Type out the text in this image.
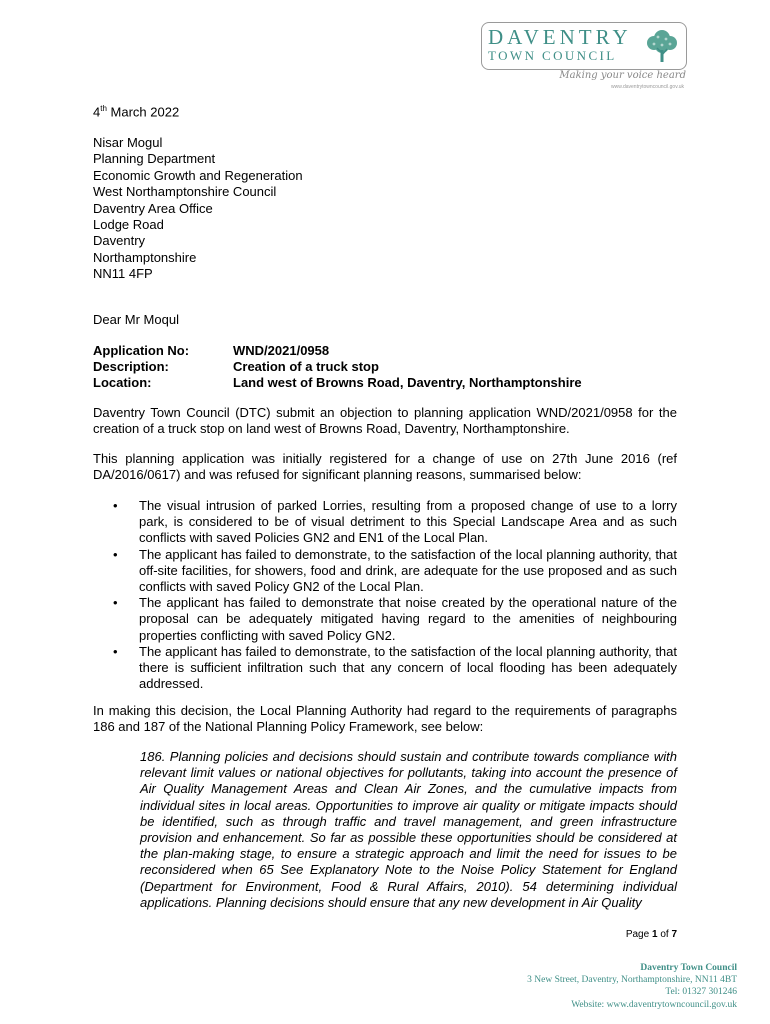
DAVENTRY
TOWN COUNCIL
Making your voice heard
www.daventrytowncouncil.gov.uk
4th March 2022
Nisar Mogul
Planning Department
Economic Growth and Regeneration
West Northamptonshire Council
Daventry Area Office
Lodge Road
Daventry
Northamptonshire
NN11 4FP
Dear Mr Moqul
Application No:	WND/2021/0958
Description:	Creation of a truck stop
Location:	Land west of Browns Road, Daventry, Northamptonshire
Daventry Town Council (DTC) submit an objection to planning application WND/2021/0958 for the creation of a truck stop on land west of Browns Road, Daventry, Northamptonshire.
This planning application was initially registered for a change of use on 27th June 2016 (ref DA/2016/0617) and was refused for significant planning reasons, summarised below:
• The visual intrusion of parked Lorries, resulting from a proposed change of use to a lorry park, is considered to be of visual detriment to this Special Landscape Area and as such conflicts with saved Policies GN2 and EN1 of the Local Plan.
• The applicant has failed to demonstrate, to the satisfaction of the local planning authority, that off-site facilities, for showers, food and drink, are adequate for the use proposed and as such conflicts with saved Policy GN2 of the Local Plan.
• The applicant has failed to demonstrate that noise created by the operational nature of the proposal can be adequately mitigated having regard to the amenities of neighbouring properties conflicting with saved Policy GN2.
• The applicant has failed to demonstrate, to the satisfaction of the local planning authority, that there is sufficient infiltration such that any concern of local flooding has been adequately addressed.
In making this decision, the Local Planning Authority had regard to the requirements of paragraphs 186 and 187 of the National Planning Policy Framework, see below:
186. Planning policies and decisions should sustain and contribute towards compliance with relevant limit values or national objectives for pollutants, taking into account the presence of Air Quality Management Areas and Clean Air Zones, and the cumulative impacts from individual sites in local areas. Opportunities to improve air quality or mitigate impacts should be identified, such as through traffic and travel management, and green infrastructure provision and enhancement. So far as possible these opportunities should be considered at the plan-making stage, to ensure a strategic approach and limit the need for issues to be reconsidered when 65 See Explanatory Note to the Noise Policy Statement for England (Department for Environment, Food & Rural Affairs, 2010). 54 determining individual applications. Planning decisions should ensure that any new development in Air Quality
Page 1 of 7
Daventry Town Council
3 New Street, Daventry, Northamptonshire, NN11 4BT
Tel: 01327 301246
Website: www.daventrytowncouncil.gov.uk
